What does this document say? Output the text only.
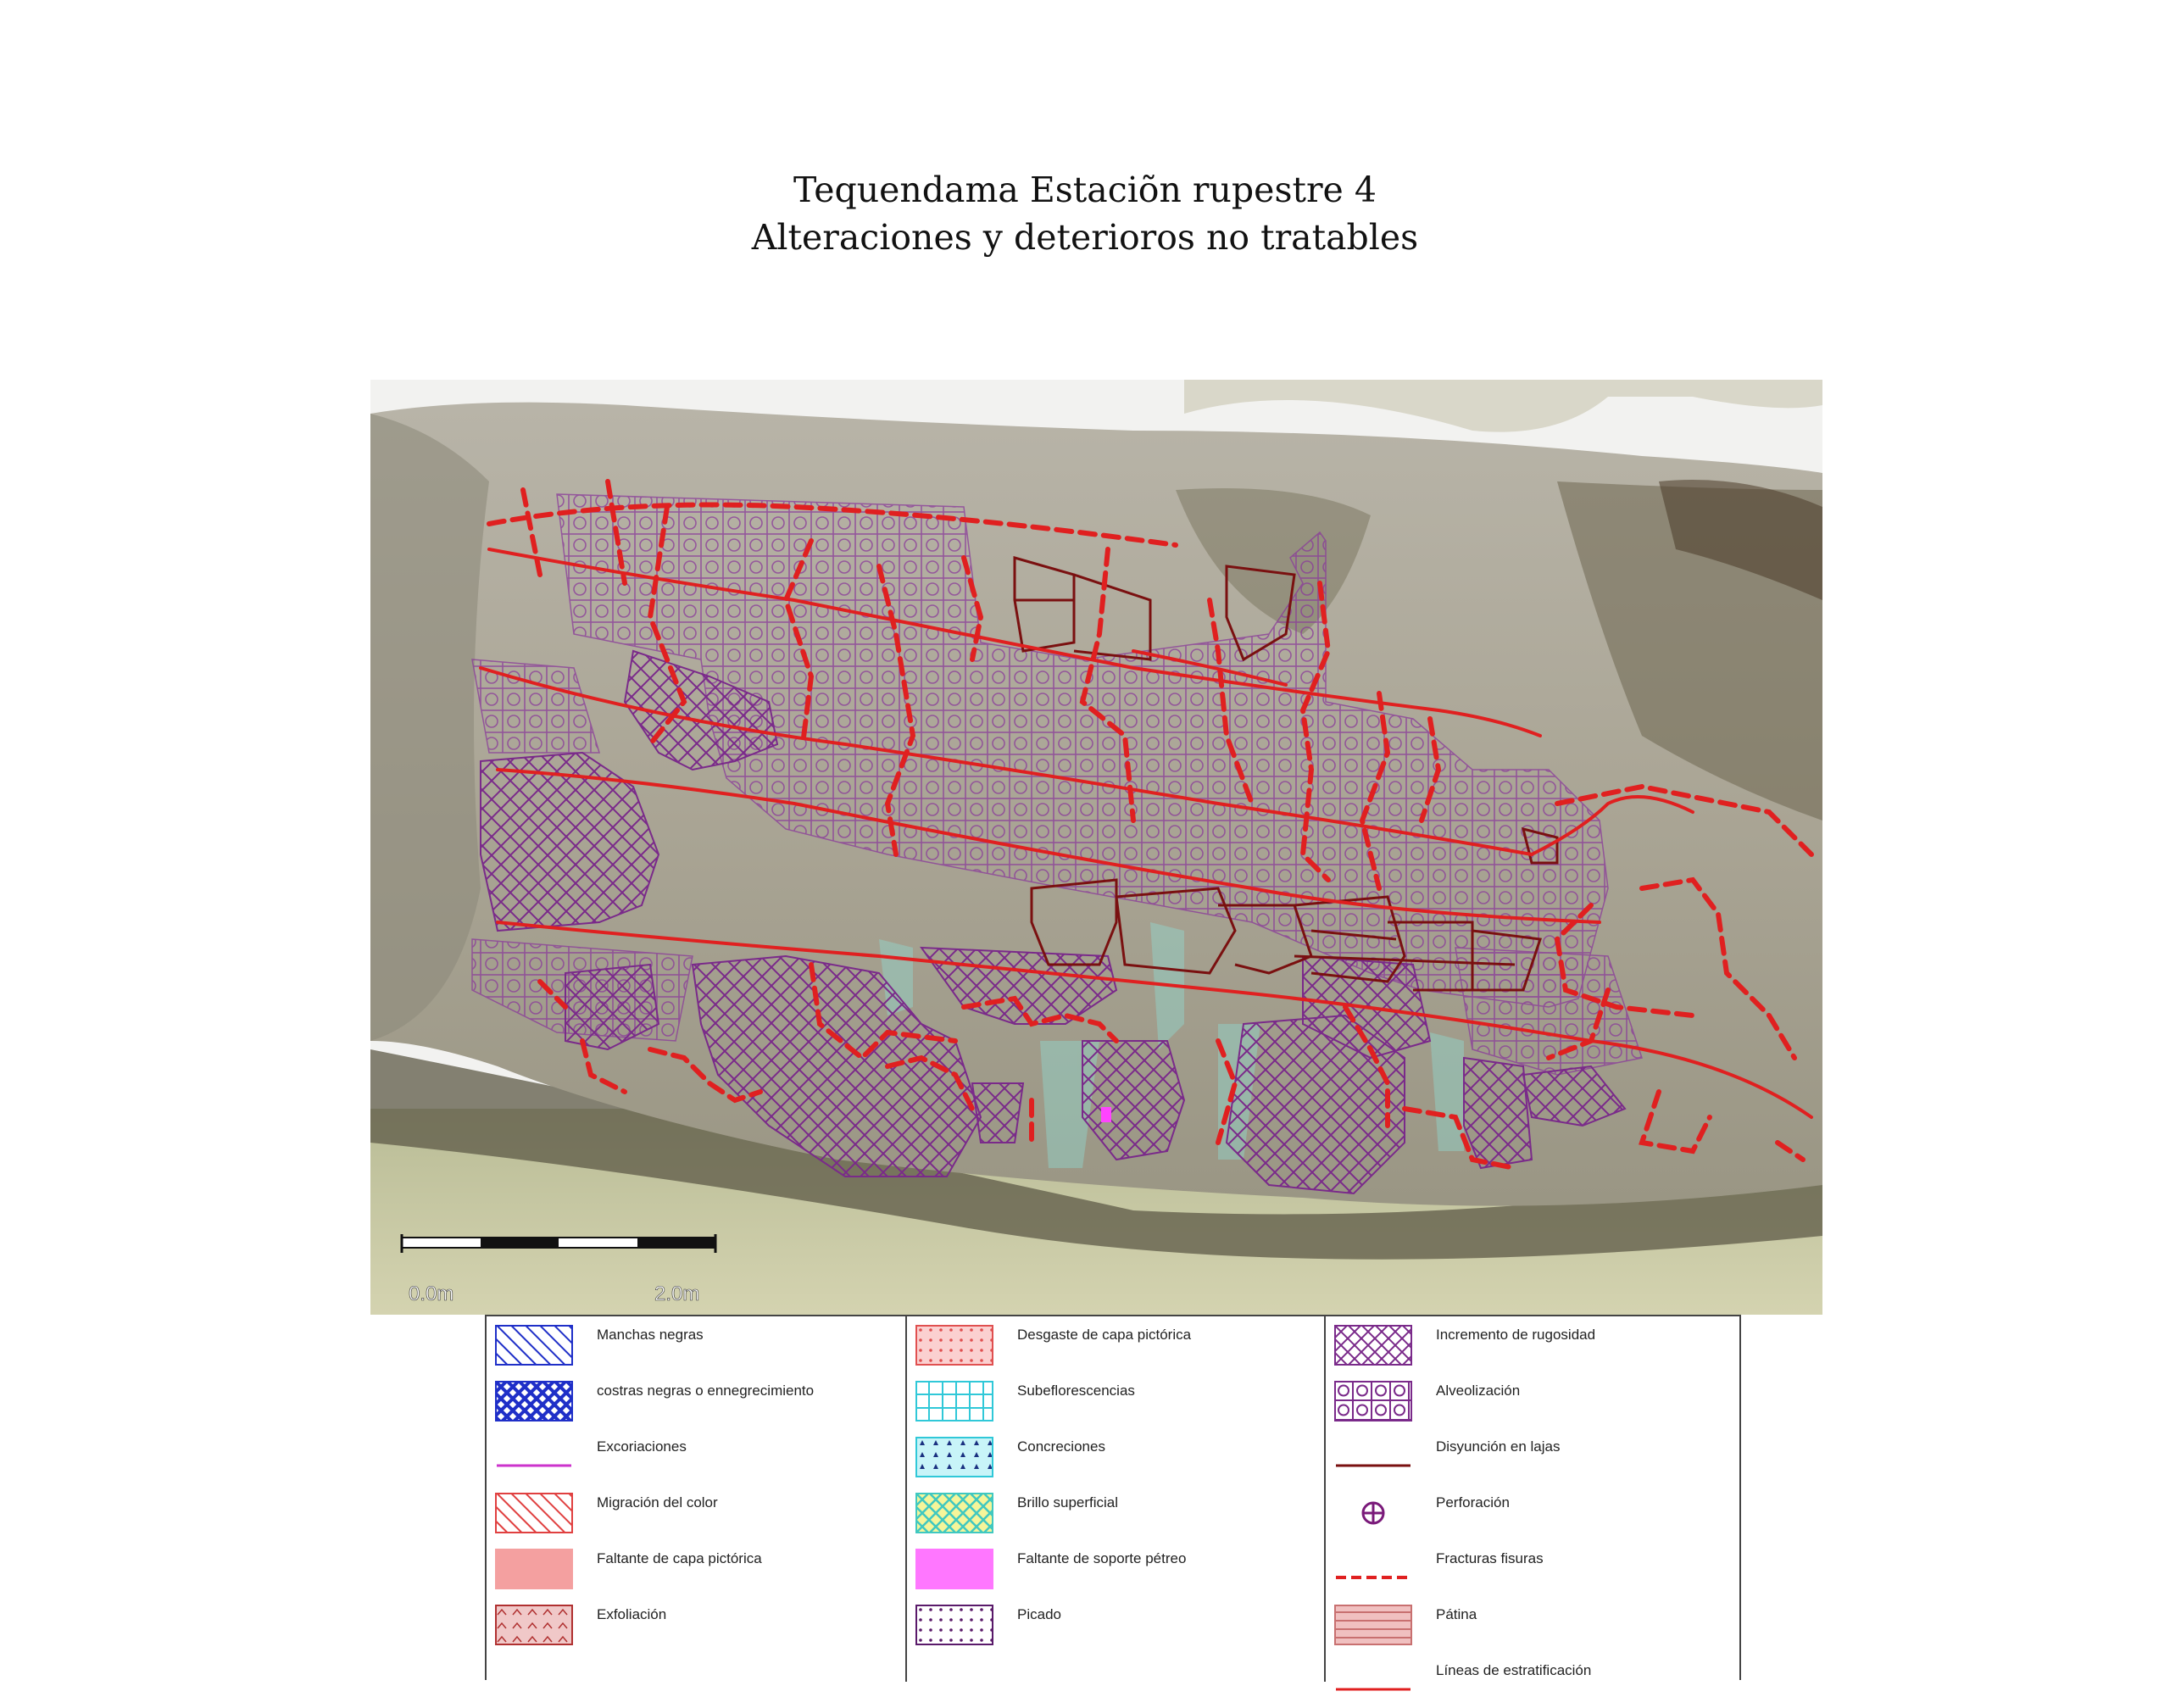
Tequendama Estaciõn rupestre 4
Alteraciones y deterioros no tratables
0.0m	2.0m
Manchas negras
costras negras o ennegrecimiento
Excoriaciones
Migración del color
Faltante de capa pictórica
Exfoliación
Desgaste de capa pictórica
Subeflorescencias
Concreciones
Brillo superficial
Faltante de soporte pétreo
Picado
Incremento de rugosidad
Alveolización
Disyunción en lajas
Perforación
Fracturas fisuras
Pátina
Líneas de estratificación
